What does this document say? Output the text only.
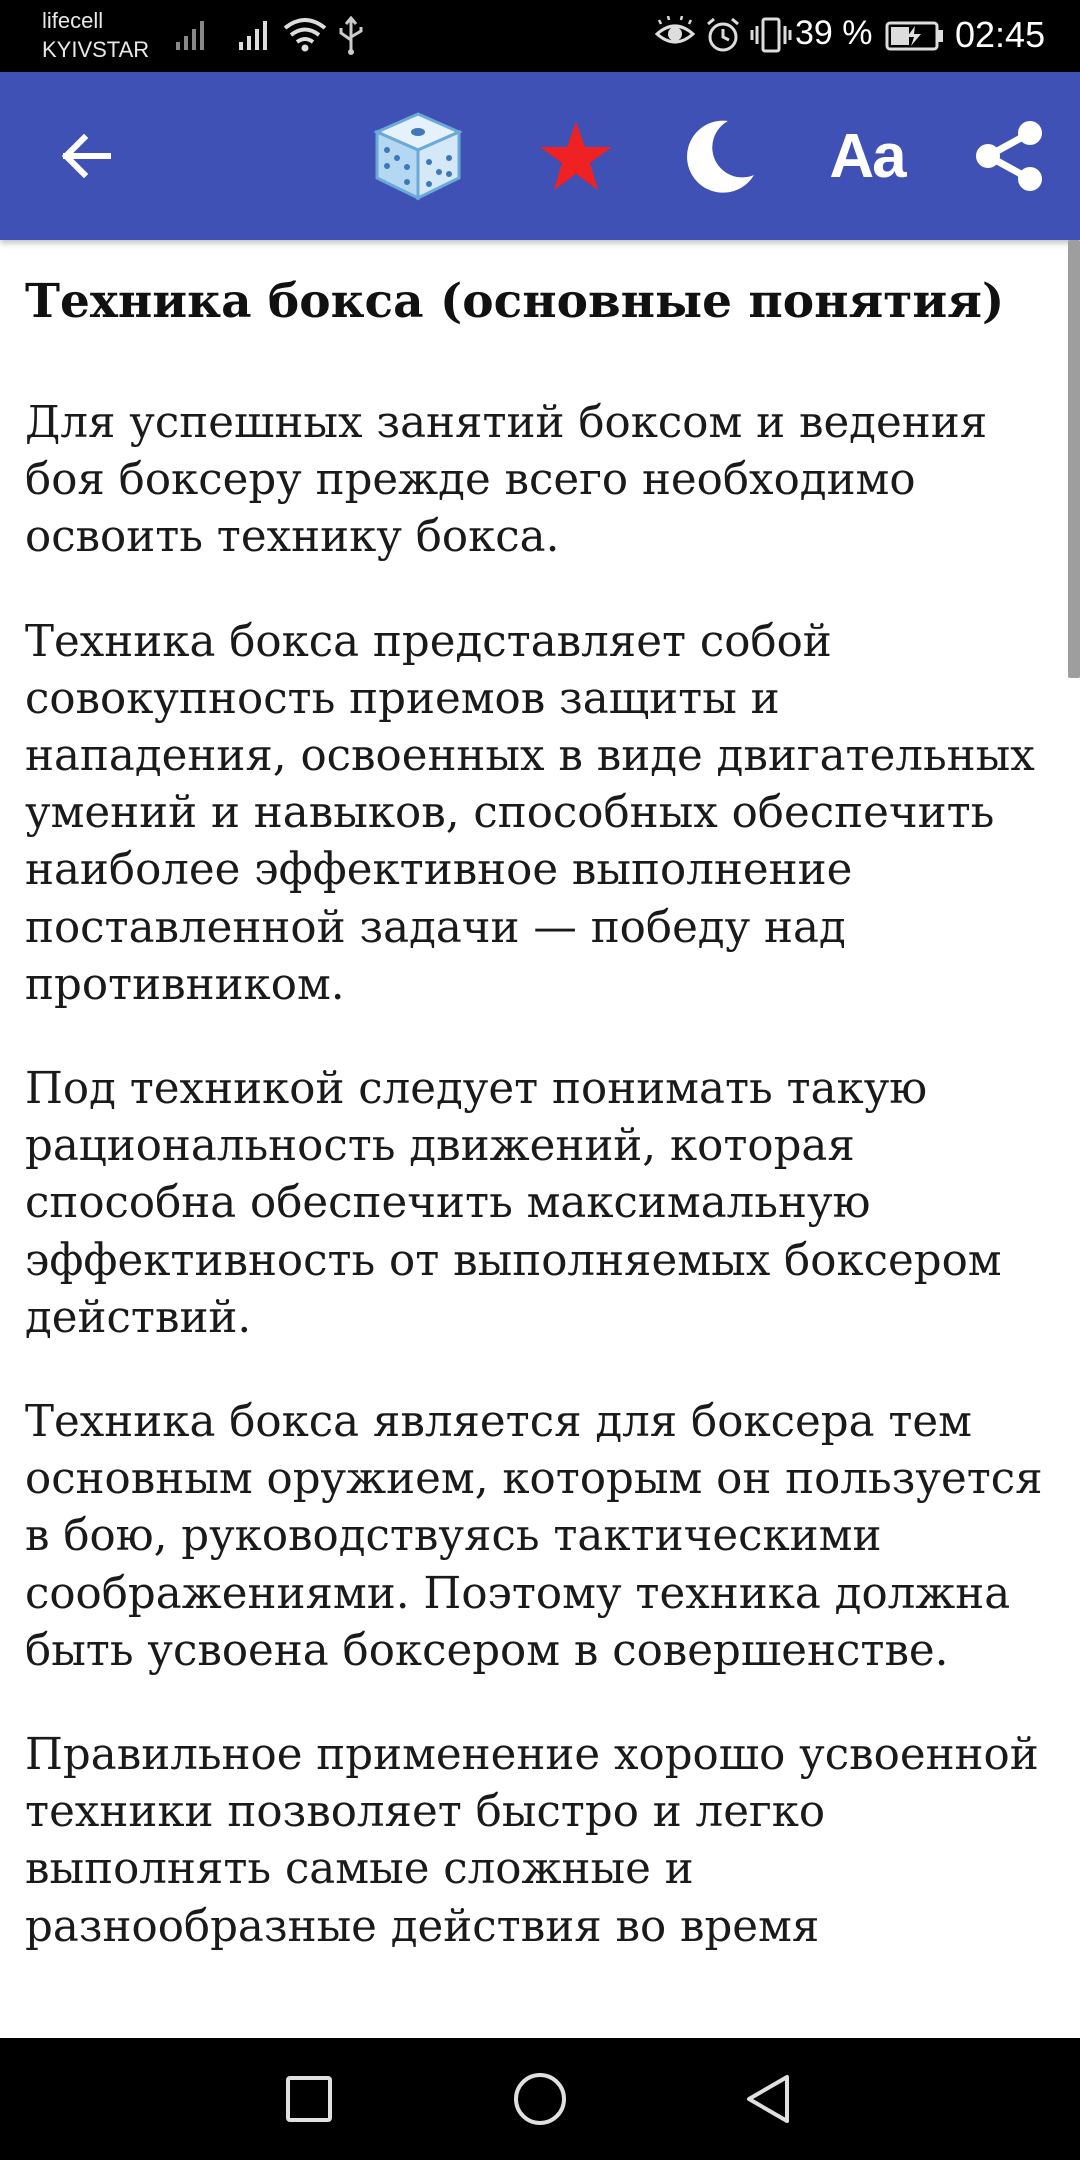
lifecell
KYIVSTAR	39 % 02:45
Aa
Техника бокса (основные понятия)

Для успешных занятий боксом и ведения боя боксеру прежде всего необходимо освоить технику бокса.

Техника бокса представляет собой совокупность приемов защиты и нападения, освоенных в виде двигательных умений и навыков, способных обеспечить наиболее эффективное выполнение поставленной задачи — победу над противником.

Под техникой следует понимать такую рациональность движений, которая способна обеспечить максимальную эффективность от выполняемых боксером действий.

Техника бокса является для боксера тем основным оружием, которым он пользуется в бою, руководствуясь тактическими соображениями. Поэтому техника должна быть усвоена боксером в совершенстве.

Правильное применение хорошо усвоенной техники позволяет быстро и легко выполнять самые сложные и разнообразные действия во время
